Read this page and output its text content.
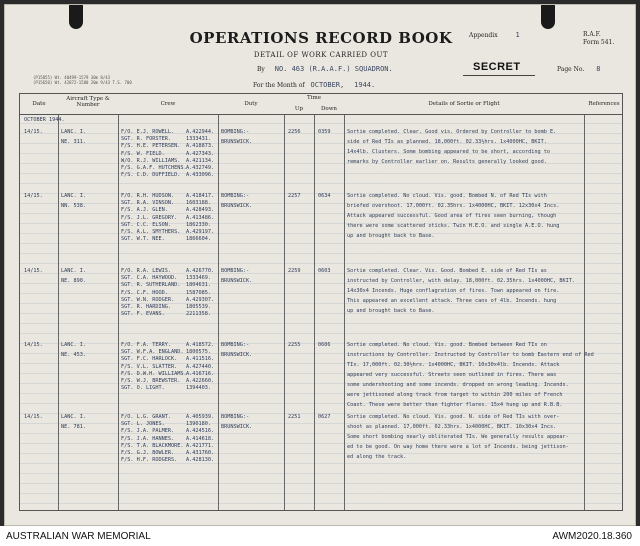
OPERATIONS RECORD BOOK
DETAIL OF WORK CARRIED OUT
Appendix	1	R.A.F.
Form 541.
SECRET	Page No. 8
By NO. 463 (R.A.A.F.) SQUADRON.
For the Month of OCTOBER, 1944.
(P15855) Wt. 40499-1579 30m 8/43
(P15650) Wt. 42872-1580 20m 9/43 T.S. 700
Date
Aircraft Type & Number	Crew	Duty
Time
Up	Down
Details of Sortie or Flight	References
OCTOBER 1944.
14/15.	LANC. I.
NE. 311.
F/O. E.J. ROWELL. A.422944.
SGT. R. FORSTER.	1333431.
F/S. H.E. PETERSEN. A.418873.
F/S. W. FIELD.	A.427343.
W/O. R.J. WILLIAMS. A.421134.
F/S. G.A.F. HUTCHENS. A.432749.
F/S. C.D. DUFFIELD. A.433096.
BOMBING:-
BRUNSWICK.
2256	0359	Sortie completed. Clear. Good vis. Ordered by Controller to bomb E.
side of Red TIs as planned. 18,000ft. 02.33½hrs. 1x4000HC, BKIT.
14x4lb. Clusters. Some bombing appeared to be short, according to
remarks by Controller earlier on. Results generally looked good.
14/15.	LANC. I.
NN. 538.
F/O. R.H. HUDSON. A.418417.
SGT. R.A. VINSON. 1603188.
F/S. A.J. GLEN.	A.428493.
F/S. J.L. GREGORY. A.413486.
SGT. C.C. ELSON.	1862330.
F/S. A.L. SMYTHERS. A.429197.
SGT. W.T. NEE.	1866604.
BOMBING:-
BRUNSWICK.
2257	0634	Sortie completed. No cloud. Vis. good. Bombed N. of Red TIs with
briefed overshoot. 17,000ft. 02.35hrs. 1x4000HC, BKIT. 12x30x4 Incs.
Attack appeared successful. Good area of fires seen burning, though
there were some scattered sticks. Twin H.E.O. and single A.E.O. hung
up and brought back to Base.
14/15.	LANC. I.
NE. 890.
F/O. R.A. LEWIS.	A.426770.
SGT. C.A. HAYWOOD. 1333469.
SGT. R. SUTHERLAND. 1804631.
F/S. C.F. HOOD.	1587085.
SGT. W.N. RODGER. A.429307.
SGT. R. HARDING.	1805539.
SGT. F. EVANS.	2211358.
BOMBING:-
BRUNSWICK.
2259	0603	Sortie completed. Clear. Vis. Good. Bombed E. side of Red TIs as
instructed by Controller, with delay. 18,000ft. 02.35hrs. 1x4000HC, BKIT.
14x30x4 Incends. Huge conflagration of fires. Town appeared on fire.
This appeared an excellent attack. Three cans of 4lb. Incends. hung
up and brought back to Base.
14/15.	LANC. I.
NE. 453.
F/O. F.A. TERRY.	A.418572.
SGT. W.F.A. ENGLAND. 1800575.
SGT. F.C. HARLOCK. A.411516.
F/S. V.L. SLATTER. A.427440.
F/S. D.W.H. WILLIAMS. A.416716.
F/S. W.J. BREWSTER. A.422660.
SGT. O. LIGHT.	1394403.
BOMBING:-
BRUNSWICK.
2255	0606	Sortie completed. No cloud. Vis. good. Bombed between Red TIs on
instructions by Controller. Instructed by Controller to bomb Eastern end of Red
TIs. 17,000ft. 02.30½hrs. 1x4000HC, BKIT. 10x30x4lb. Incends. Attack
appeared very successful. Streets seen outlined in fires. There was
some undershooting and some incends. dropped on wrong leading. Incends.
were jettisoned along track from target to within 200 miles of French
Coast. These were better than fighter flares. 15x4 hung up and R.B.B.
14/15.	LANC. I.
NE. 781.
F/O. L.G. GRANT.	A.405939.
SGT. L. JONES.	1390180.
F/S. J.A. PALMER. A.424516.
F/S. J.A. HANNES. A.414618.
F/S. T.A. BLACKMORE. A.421771.
F/S. G.J. BOWLER. A.431760.
F/S. H.F. RODGERS. A.428130.
BOMBING:-
BRUNSWICK.
2251	0627	Sortie completed. No cloud. Vis. good. N. side of Red TIs with over-
shoot as planned. 17,000ft. 02.33hrs. 1x4000HC, BKIT. 10x30x4 Incs.
Some short bombing nearly obliterated TIs. We generally results appear-
ed to be good. On way home there were a lot of Incends. being jettison-
ed along the track.
AUSTRALIAN WAR MEMORIAL	AWM2020.18.360
